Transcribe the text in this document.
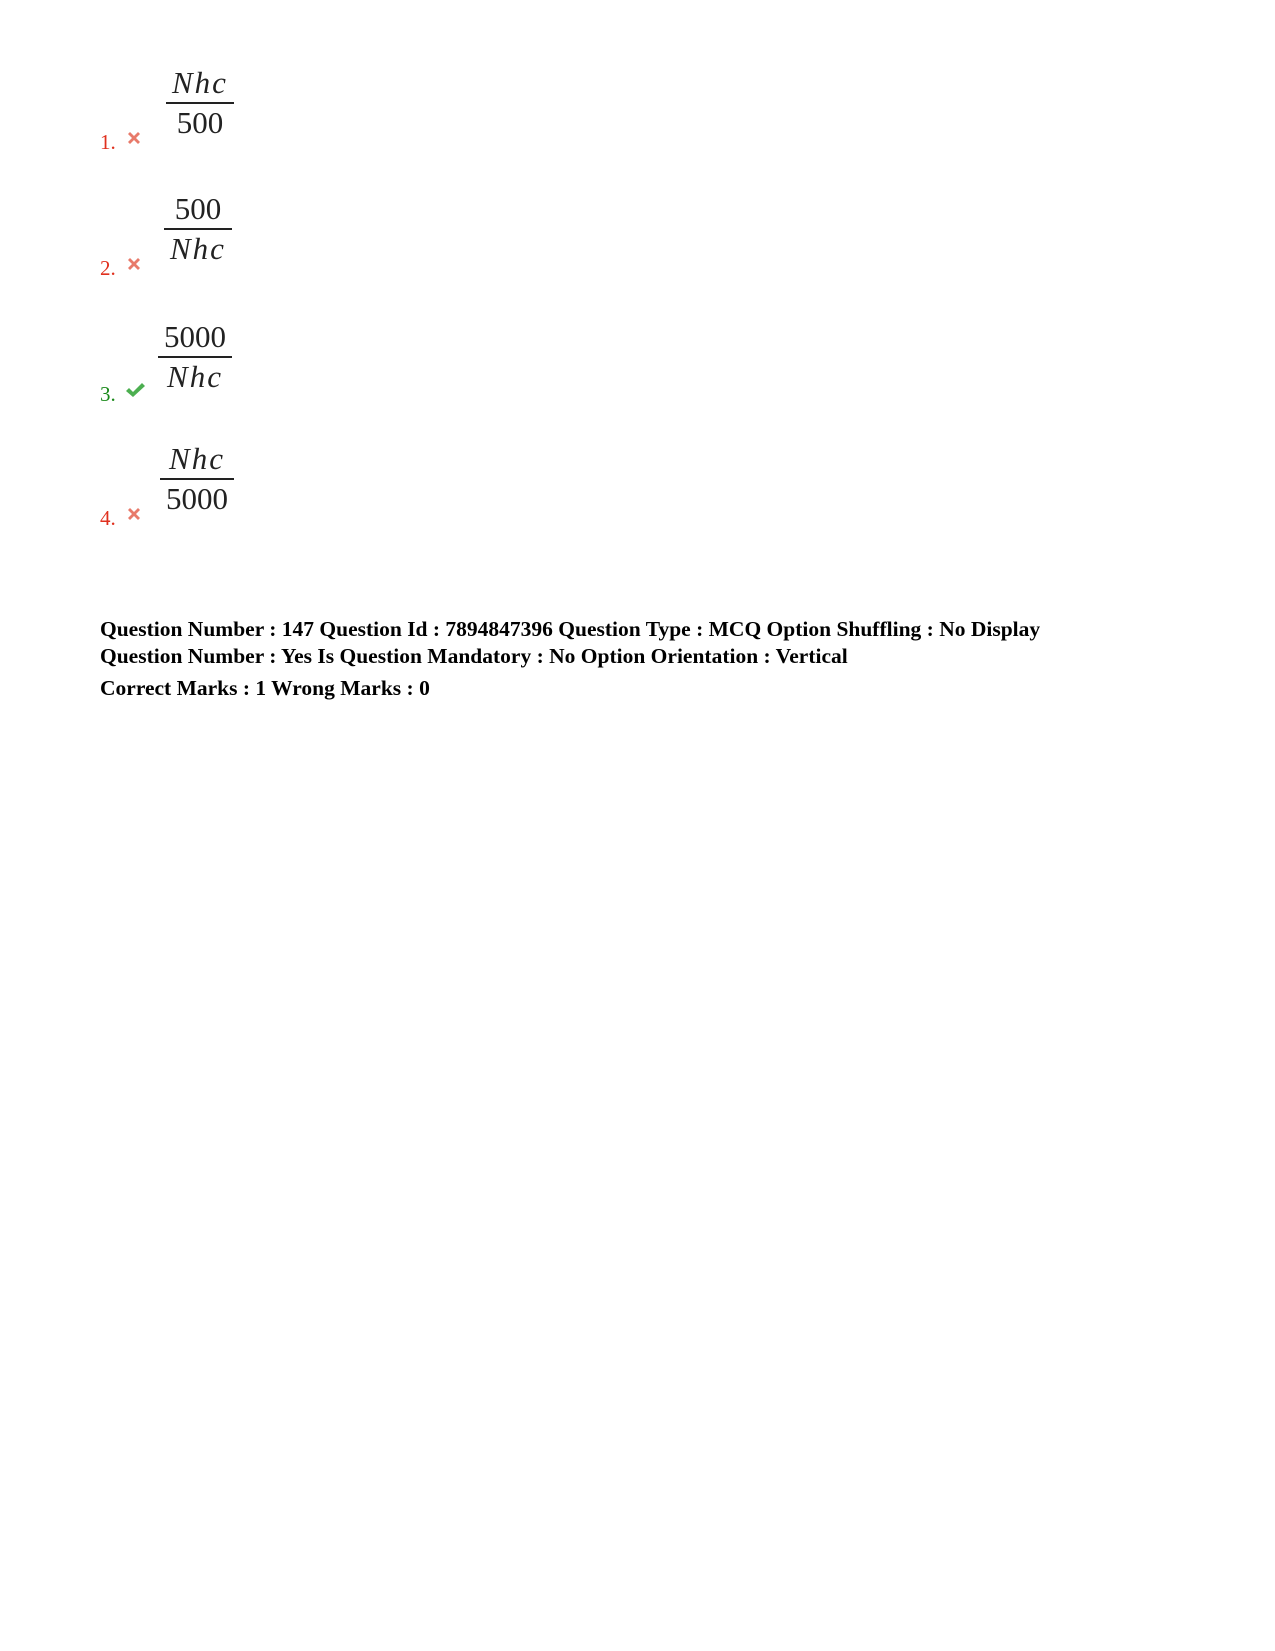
1.
Nhc
500
2.
500
Nhc
3.
5000
Nhc
4.
Nhc
5000
Question Number : 147 Question Id : 7894847396 Question Type : MCQ Option Shuffling : No Display
Question Number : Yes Is Question Mandatory : No Option Orientation : Vertical
Correct Marks : 1 Wrong Marks : 0
